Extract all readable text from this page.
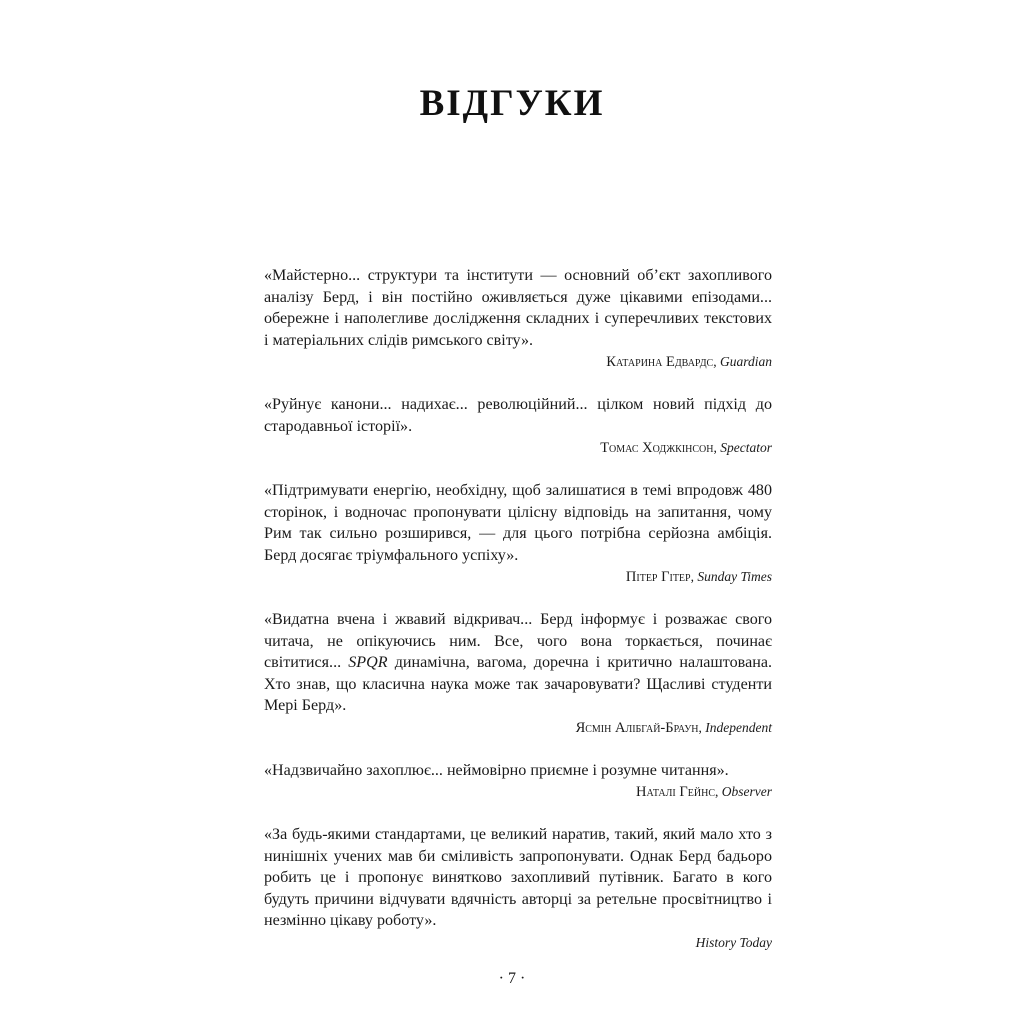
ВІДГУКИ

«Майстерно... структури та інститути — основний об’єкт захопливого аналізу Берд, і він постійно оживляється дуже цікавими епізодами... обережне і наполегливе дослідження складних і суперечливих текстових і матеріальних слідів римського світу».

Катарина Едвардс, Guardian

«Руйнує канони... надихає... революційний... цілком новий підхід до стародавньої історії».

Томас Ходжкінсон, Spectator

«Підтримувати енергію, необхідну, щоб залишатися в темі впродовж 480 сторінок, і водночас пропонувати цілісну відповідь на запитання, чому Рим так сильно розширився, — для цього потрібна серйозна амбіція. Берд досягає тріумфального успіху».

Пітер Гітер, Sunday Times

«Видатна вчена і жвавий відкривач... Берд інформує і розважає свого читача, не опікуючись ним. Все, чого вона торкається, починає світитися... SPQR динамічна, вагома, доречна і критично налаштована. Хто знав, що класична наука може так зачаровувати? Щасливі студенти Мері Берд».

Ясмін Алібгай-Браун, Independent

«Надзвичайно захоплює... неймовірно приємне і розумне читання».

Наталі Гейнс, Observer

«За будь-якими стандартами, це великий наратив, такий, який мало хто з нинішніх учених мав би сміливість запропонувати. Однак Берд бадьоро робить це і пропонує винятково захопливий путівник. Багато в кого будуть причини відчувати вдячність авторці за ретельне просвітництво і незмінно цікаву роботу».

History Today
· 7 ·
